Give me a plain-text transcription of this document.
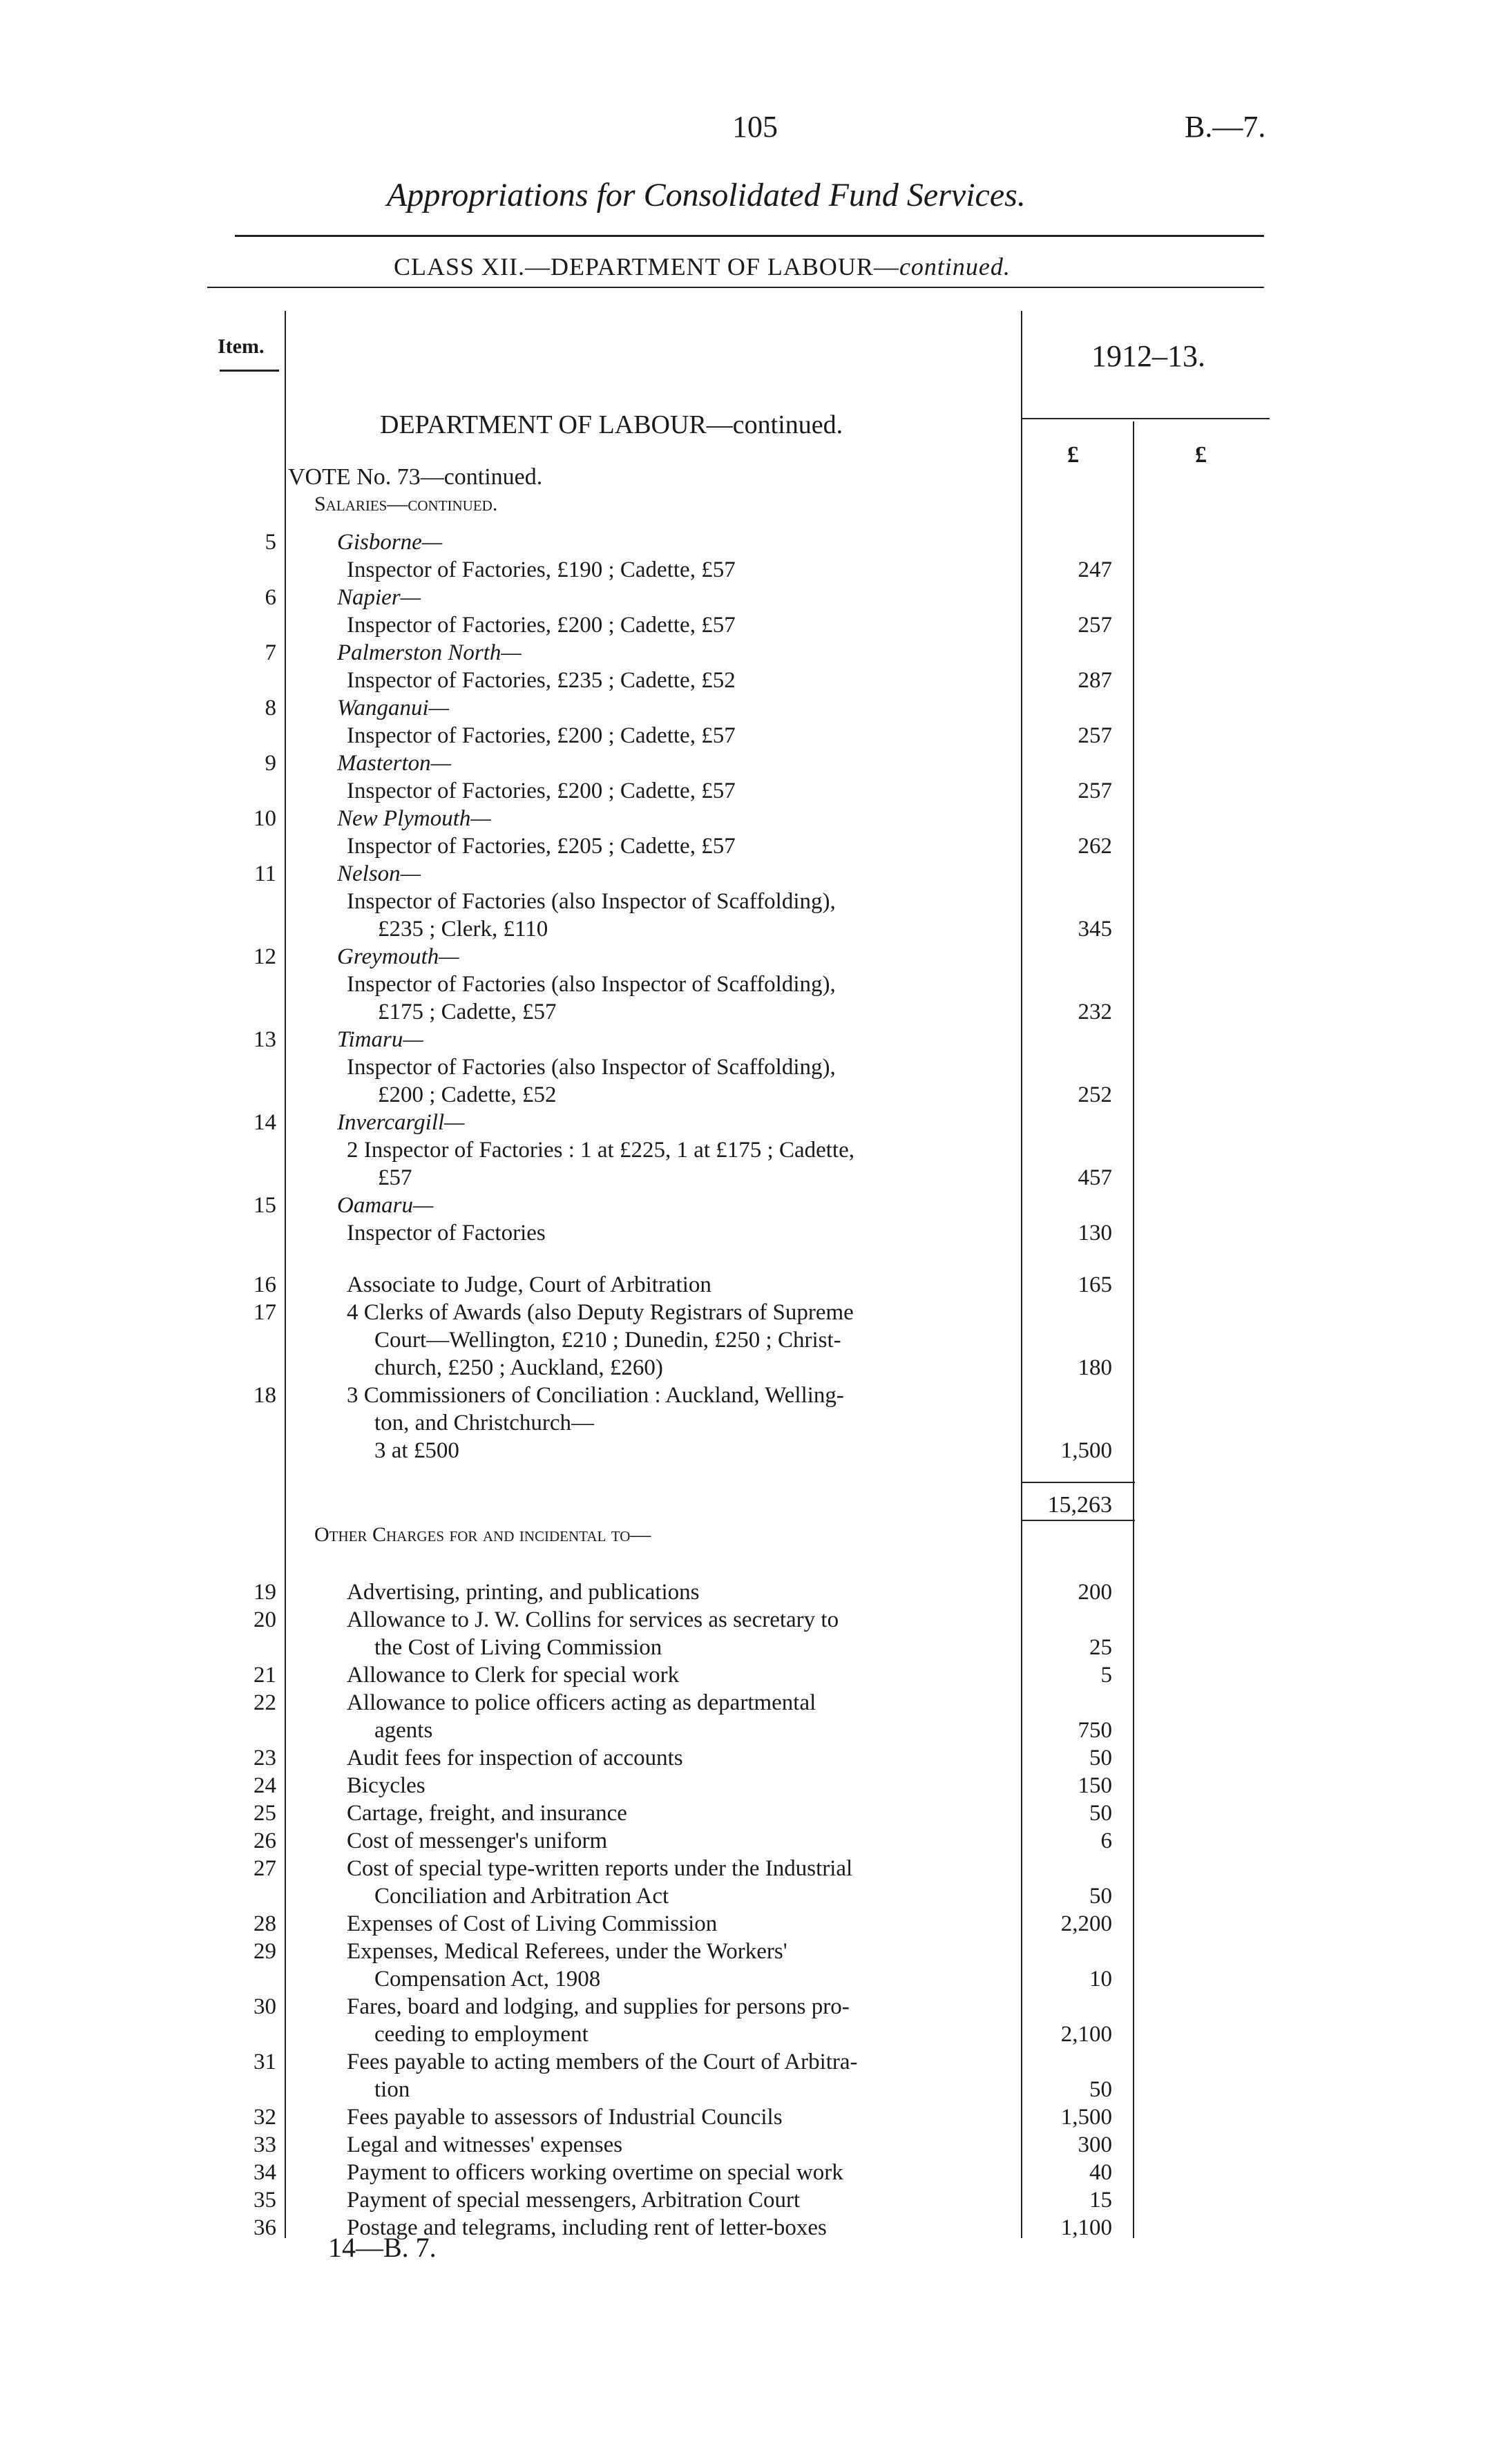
105	B.—7.
Appropriations for Consolidated Fund Services.
CLASS XII.—DEPARTMENT OF LABOUR—continued.
Item.	1912–13.
£	£
DEPARTMENT OF LABOUR—continued.
VOTE No. 73—continued.
Salaries—continued.
5	Gisborne—
Inspector of Factories, £190 ; Cadette, £57	247
6	Napier—
Inspector of Factories, £200 ; Cadette, £57	257
7	Palmerston North—
Inspector of Factories, £235 ; Cadette, £52	287
8	Wanganui—
Inspector of Factories, £200 ; Cadette, £57	257
9	Masterton—
Inspector of Factories, £200 ; Cadette, £57	257
10	New Plymouth—
Inspector of Factories, £205 ; Cadette, £57	262
11	Nelson—
Inspector of Factories (also Inspector of Scaffolding),
£235 ; Clerk, £110	345
12	Greymouth—
Inspector of Factories (also Inspector of Scaffolding),
£175 ; Cadette, £57	232
13	Timaru—
Inspector of Factories (also Inspector of Scaffolding),
£200 ; Cadette, £52	252
14	Invercargill—
2 Inspector of Factories : 1 at £225, 1 at £175 ; Cadette,
£57	457
15	Oamaru—
Inspector of Factories	130
16	Associate to Judge, Court of Arbitration	165
17	4 Clerks of Awards (also Deputy Registrars of Supreme
Court—Wellington, £210 ; Dunedin, £250 ; Christ-
church, £250 ; Auckland, £260)	180
18	3 Commissioners of Conciliation : Auckland, Welling-
ton, and Christchurch—
3 at £500	1,500
15,263
Other Charges for and incidental to—
19	Advertising, printing, and publications	200
20	Allowance to J. W. Collins for services as secretary to
the Cost of Living Commission	25
21	Allowance to Clerk for special work	5
22	Allowance to police officers acting as departmental
agents	750
23	Audit fees for inspection of accounts	50
24	Bicycles	150
25	Cartage, freight, and insurance	50
26	Cost of messenger's uniform	6
27	Cost of special type-written reports under the Industrial
Conciliation and Arbitration Act	50
28	Expenses of Cost of Living Commission	2,200
29	Expenses, Medical Referees, under the Workers'
Compensation Act, 1908	10
30	Fares, board and lodging, and supplies for persons pro-
ceeding to employment	2,100
31	Fees payable to acting members of the Court of Arbitra-
tion	50
32	Fees payable to assessors of Industrial Councils	1,500
33	Legal and witnesses' expenses	300
34	Payment to officers working overtime on special work	40
35	Payment of special messengers, Arbitration Court	15
36	Postage and telegrams, including rent of letter-boxes	1,100
14—B. 7.
